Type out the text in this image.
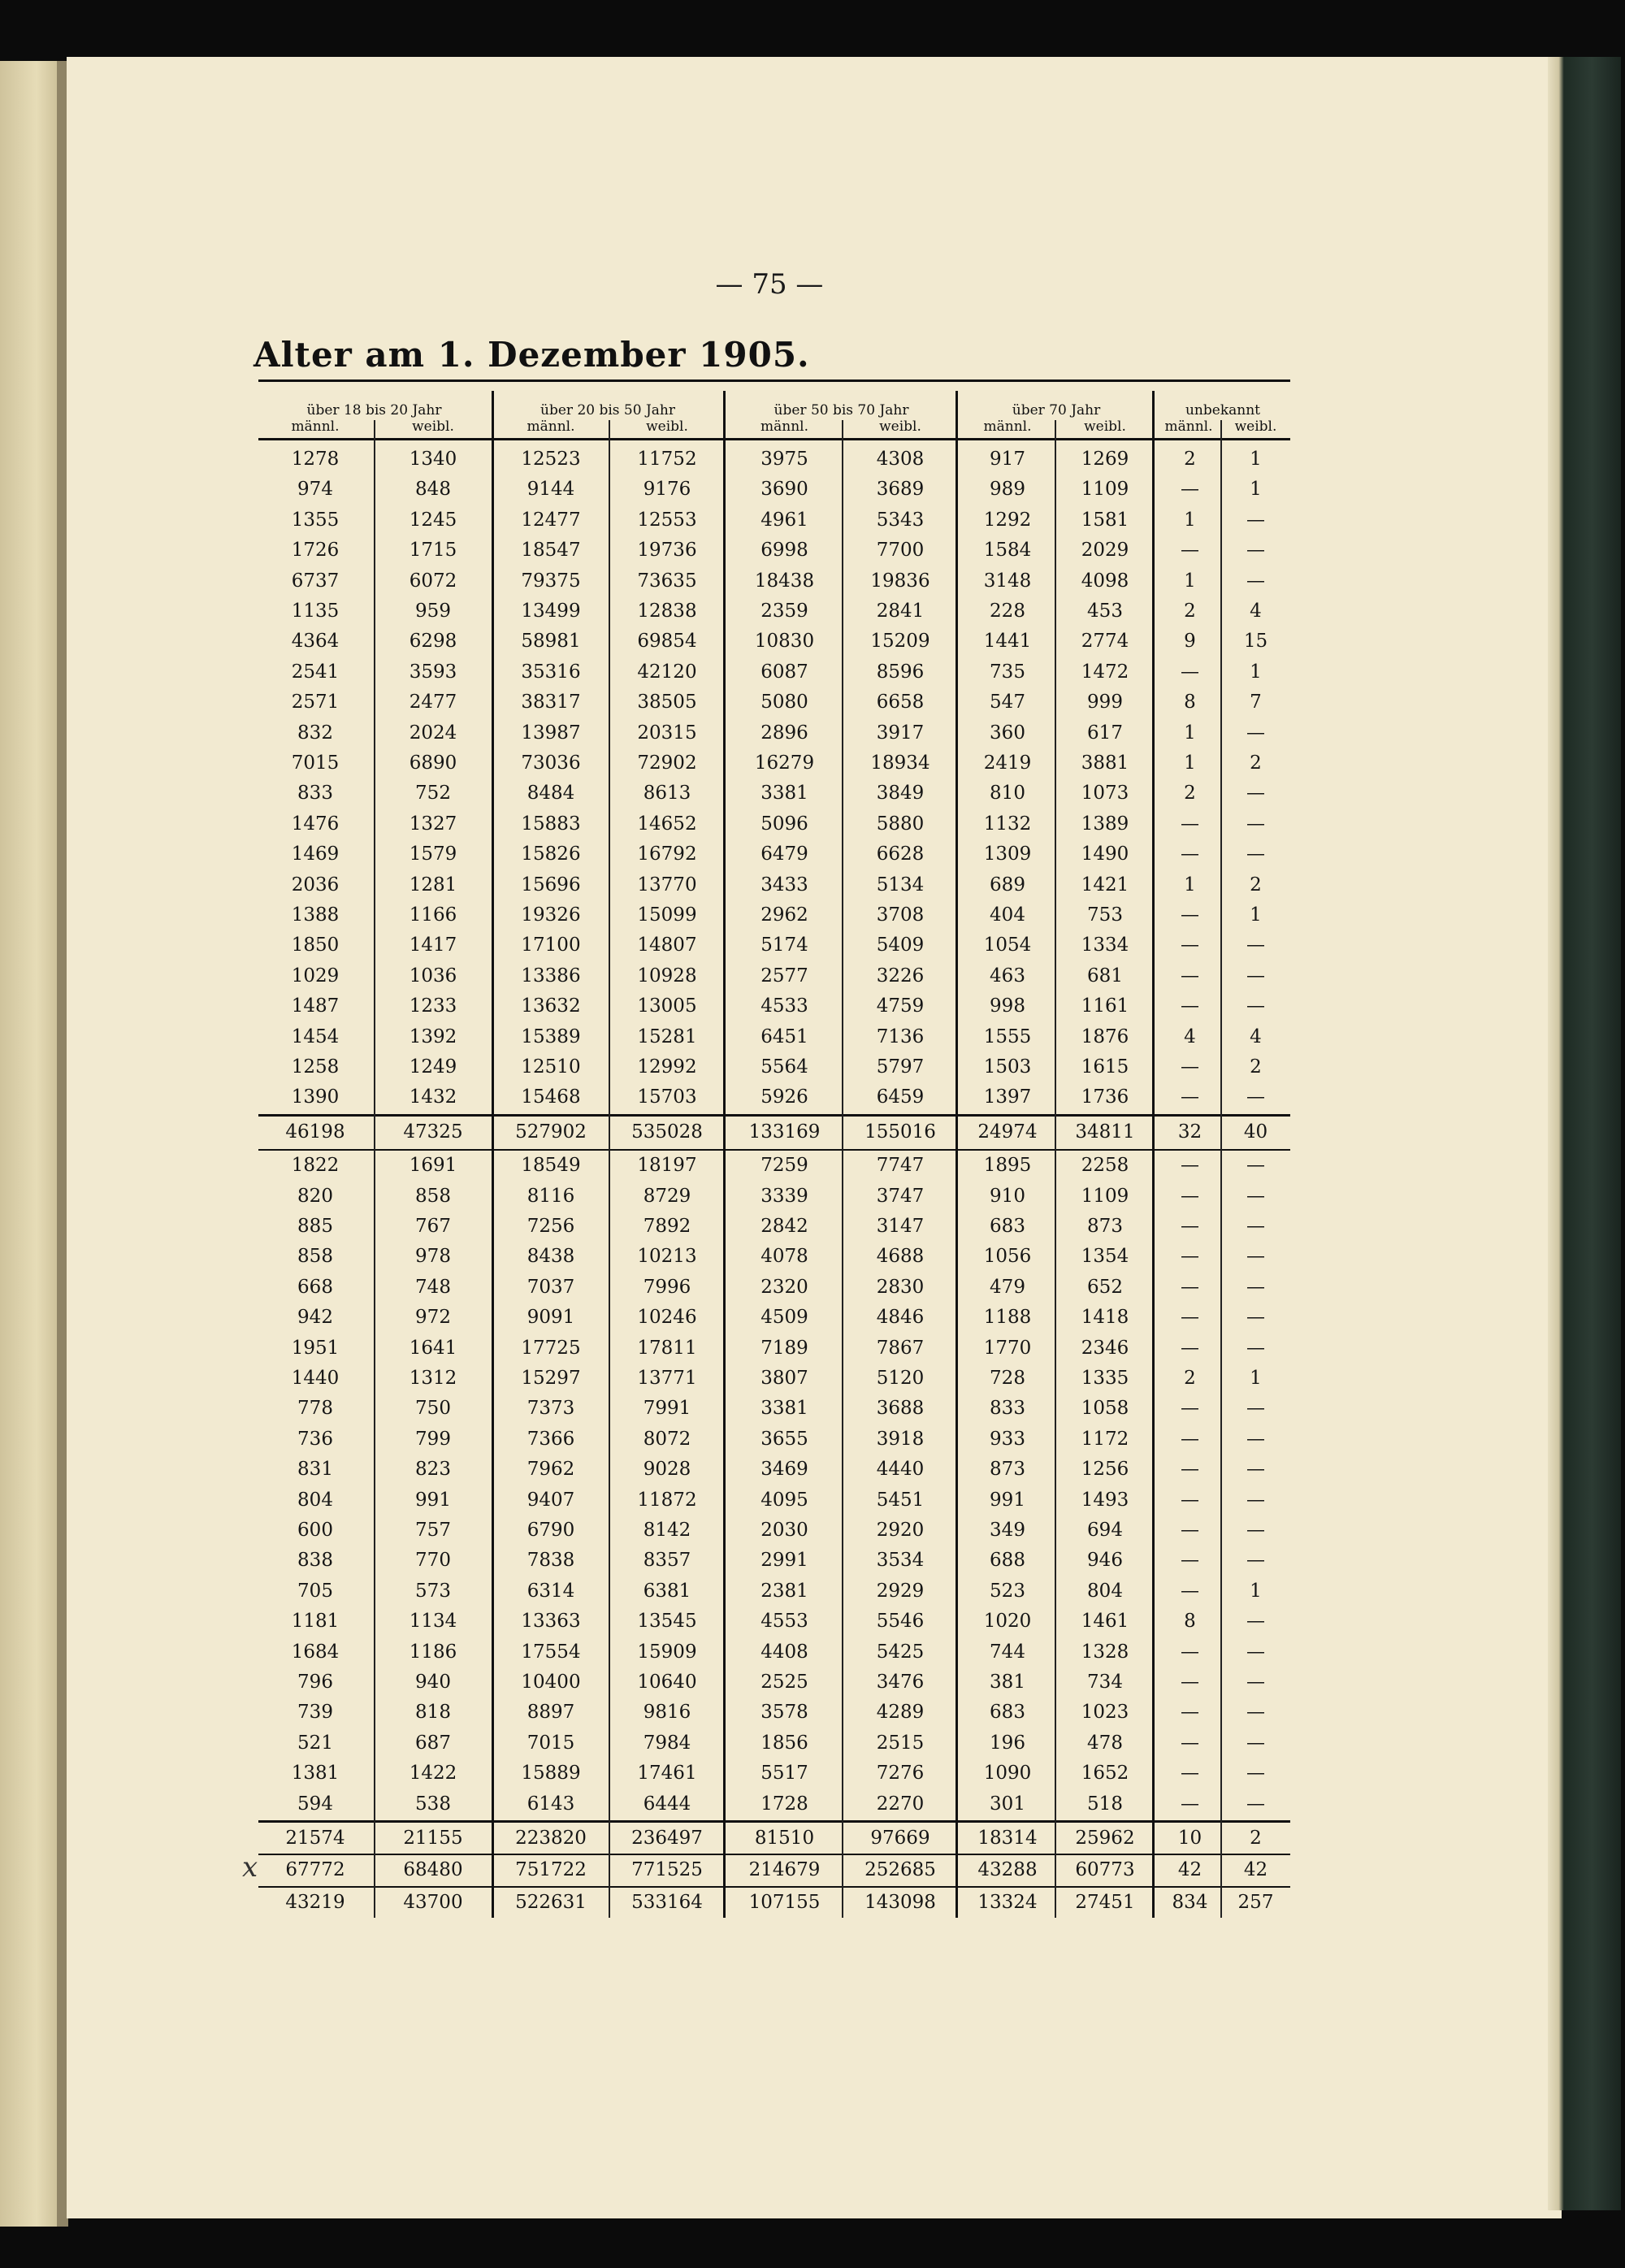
— 75 —
Alter am 1. Dezember 1905.
über 18 bis 20 Jahr
männl.	weibl.
über 20 bis 50 Jahr
männl.	weibl.
über 50 bis 70 Jahr
männl.	weibl.
über 70 Jahr
männl.	weibl.
unbekannt
männl.	weibl.
1278	1340	12523	11752	3975	4308	917	1269	2	1
974	848	9144	9176	3690	3689	989	1109	—	1
1355	1245	12477	12553	4961	5343	1292	1581	1	—
1726	1715	18547	19736	6998	7700	1584	2029	—	—
6737	6072	79375	73635	18438	19836	3148	4098	1	—
1135	959	13499	12838	2359	2841	228	453	2	4
4364	6298	58981	69854	10830	15209	1441	2774	9	15
2541	3593	35316	42120	6087	8596	735	1472	—	1
2571	2477	38317	38505	5080	6658	547	999	8	7
832	2024	13987	20315	2896	3917	360	617	1	—
7015	6890	73036	72902	16279	18934	2419	3881	1	2
833	752	8484	8613	3381	3849	810	1073	2	—
1476	1327	15883	14652	5096	5880	1132	1389	—	—
1469	1579	15826	16792	6479	6628	1309	1490	—	—
2036	1281	15696	13770	3433	5134	689	1421	1	2
1388	1166	19326	15099	2962	3708	404	753	—	1
1850	1417	17100	14807	5174	5409	1054	1334	—	—
1029	1036	13386	10928	2577	3226	463	681	—	—
1487	1233	13632	13005	4533	4759	998	1161	—	—
1454	1392	15389	15281	6451	7136	1555	1876	4	4
1258	1249	12510	12992	5564	5797	1503	1615	—	2
1390	1432	15468	15703	5926	6459	1397	1736	—	—
46198	47325	527902	535028	133169	155016	24974	34811	32	40
1822	1691	18549	18197	7259	7747	1895	2258	—	—
820	858	8116	8729	3339	3747	910	1109	—	—
885	767	7256	7892	2842	3147	683	873	—	—
858	978	8438	10213	4078	4688	1056	1354	—	—
668	748	7037	7996	2320	2830	479	652	—	—
942	972	9091	10246	4509	4846	1188	1418	—	—
1951	1641	17725	17811	7189	7867	1770	2346	—	—
1440	1312	15297	13771	3807	5120	728	1335	2	1
778	750	7373	7991	3381	3688	833	1058	—	—
736	799	7366	8072	3655	3918	933	1172	—	—
831	823	7962	9028	3469	4440	873	1256	—	—
804	991	9407	11872	4095	5451	991	1493	—	—
600	757	6790	8142	2030	2920	349	694	—	—
838	770	7838	8357	2991	3534	688	946	—	—
705	573	6314	6381	2381	2929	523	804	—	1
1181	1134	13363	13545	4553	5546	1020	1461	8	—
1684	1186	17554	15909	4408	5425	744	1328	—	—
796	940	10400	10640	2525	3476	381	734	—	—
739	818	8897	9816	3578	4289	683	1023	—	—
521	687	7015	7984	1856	2515	196	478	—	—
1381	1422	15889	17461	5517	7276	1090	1652	—	—
594	538	6143	6444	1728	2270	301	518	—	—
21574	21155	223820	236497	81510	97669	18314	25962	10	2
67772	68480	751722	771525	214679	252685	43288	60773	42	42
43219	43700	522631	533164	107155	143098	13324	27451	834	257
x
